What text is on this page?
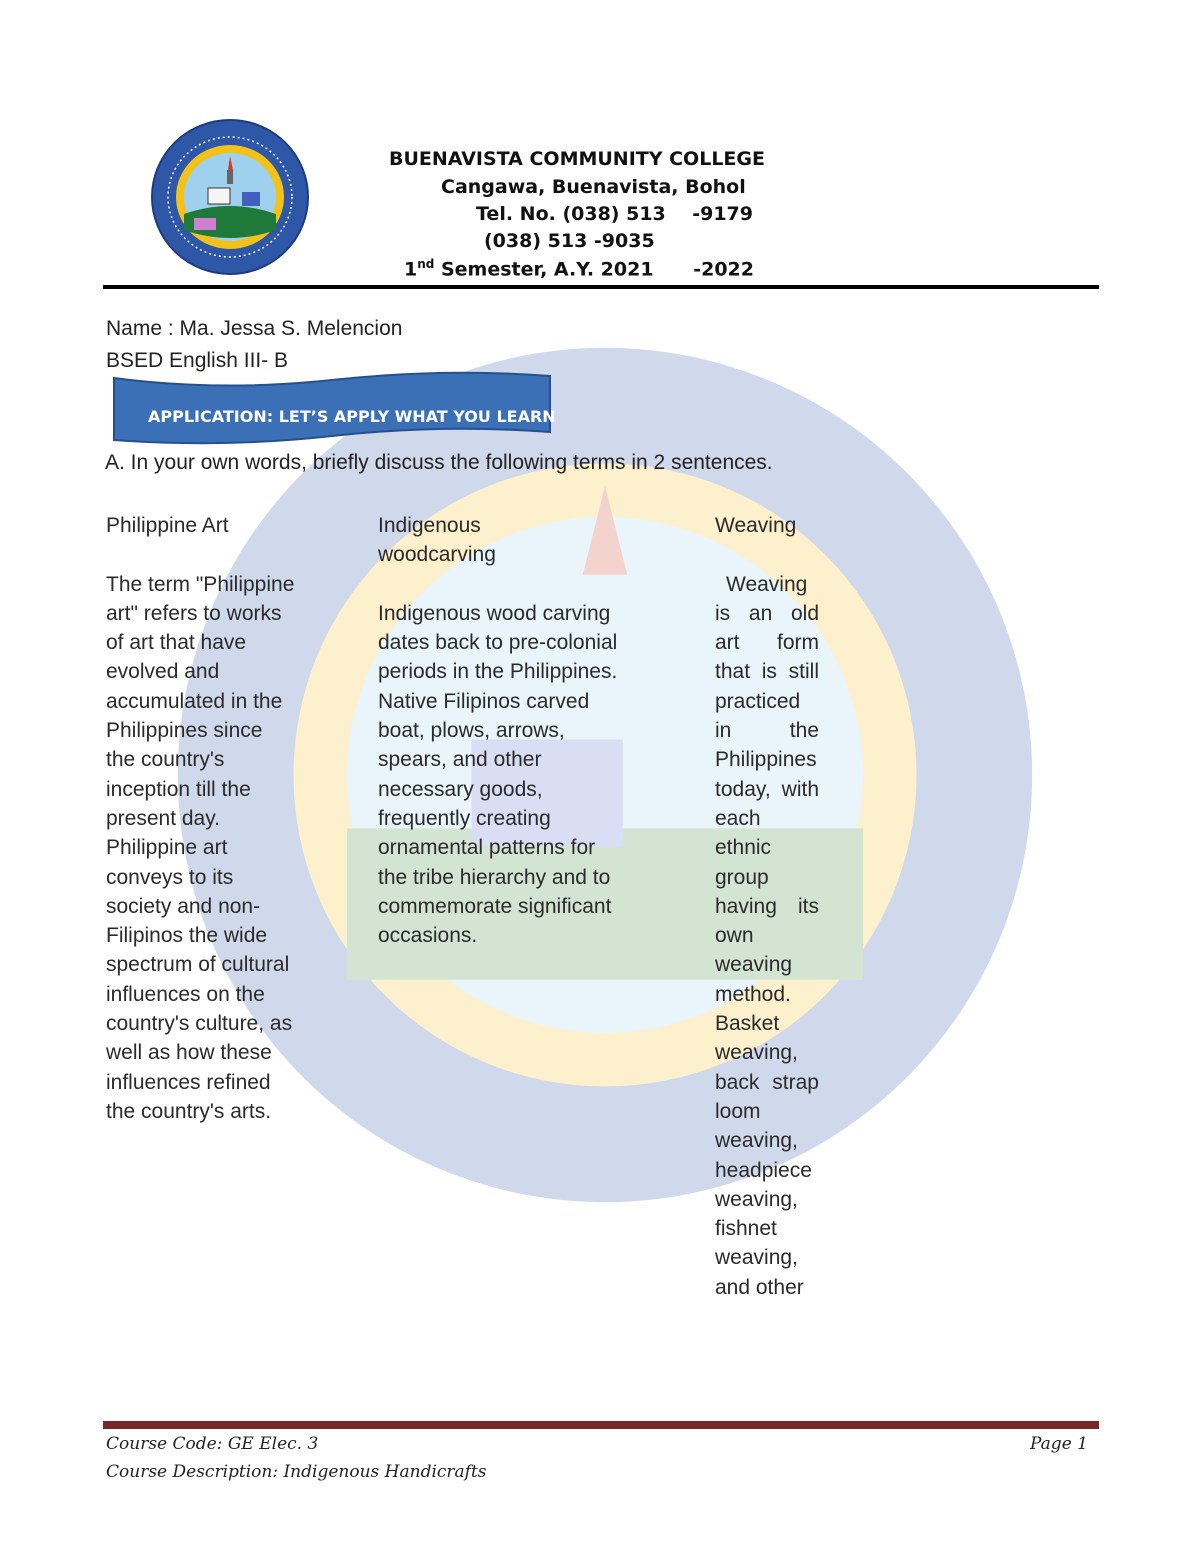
BUENAVISTA COMMUNITY COLLEGE
Cangawa, Buenavista, Bohol
Tel. No. (038) 513    -9179
(038) 513 -9035
1nd Semester, A.Y. 2021      -2022
Name : Ma. Jessa S. Melencion
BSED English III- B
APPLICATION: LET’S APPLY WHAT YOU LEARN
A. In your own words, briefly discuss the following terms in 2 sentences.

Philippine Art

The term "Philippine art" refers to works of art that have evolved and accumulated in the Philippines since the country's inception till the present day. Philippine art conveys to its society and non-Filipinos the wide spectrum of cultural influences on the country's culture, as well as how these influences refined the country's arts.

Indigenous woodcarving

Indigenous wood carving dates back to pre-colonial periods in the Philippines. Native Filipinos carved boat, plows, arrows, spears, and other necessary goods, frequently creating ornamental patterns for the tribe hierarchy and to commemorate significant occasions.

Weaving

Weaving is an old art form that is still practiced in the Philippines today, with each ethnic group having its own weaving method. Basket weaving, back strap loom weaving, headpiece weaving, fishnet weaving, and other

Course Code: GE Elec. 3
Course Description: Indigenous Handicrafts
Page 1
